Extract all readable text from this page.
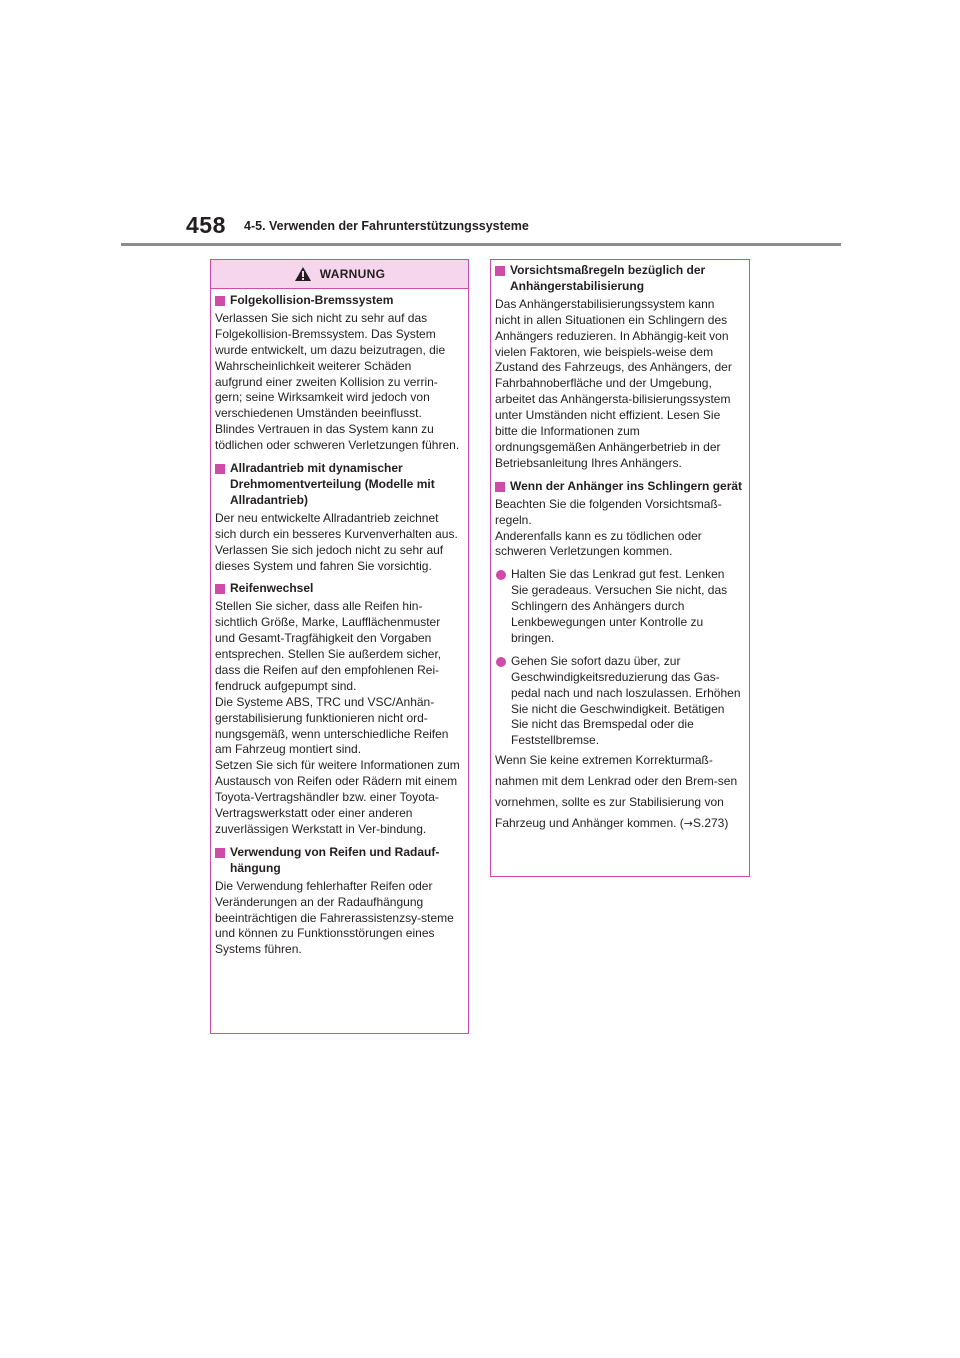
458 4-5. Verwenden der Fahrunterstützungssysteme
WARNUNG
Folgekollision-Bremssystem

Verlassen Sie sich nicht zu sehr auf das Folgekollision-Bremssystem. Das System wurde entwickelt, um dazu beizutragen, die Wahrscheinlichkeit weiterer Schäden aufgrund einer zweiten Kollision zu verrin-gern; seine Wirksamkeit wird jedoch von verschiedenen Umständen beeinflusst. Blindes Vertrauen in das System kann zu tödlichen oder schweren Verletzungen führen.

Allradantrieb mit dynamischer Drehmomentverteilung (Modelle mit Allradantrieb)

Der neu entwickelte Allradantrieb zeichnet sich durch ein besseres Kurvenverhalten aus. Verlassen Sie sich jedoch nicht zu sehr auf dieses System und fahren Sie vorsichtig.

Reifenwechsel

Stellen Sie sicher, dass alle Reifen hin-sichtlich Größe, Marke, Laufflächenmuster und Gesamt-Tragfähigkeit den Vorgaben entsprechen. Stellen Sie außerdem sicher, dass die Reifen auf den empfohlenen Rei-fendruck aufgepumpt sind.

Die Systeme ABS, TRC und VSC/Anhän-gerstabilisierung funktionieren nicht ord-nungsgemäß, wenn unterschiedliche Reifen am Fahrzeug montiert sind.

Setzen Sie sich für weitere Informationen zum Austausch von Reifen oder Rädern mit einem Toyota-Vertragshändler bzw. einer Toyota-Vertragswerkstatt oder einer anderen zuverlässigen Werkstatt in Ver-bindung.

Verwendung von Reifen und Radauf-hängung

Die Verwendung fehlerhafter Reifen oder Veränderungen an der Radaufhängung beeinträchtigen die Fahrerassistenzsy-steme und können zu Funktionsstörungen eines Systems führen.

Vorsichtsmaßregeln bezüglich der Anhängerstabilisierung

Das Anhängerstabilisierungssystem kann nicht in allen Situationen ein Schlingern des Anhängers reduzieren. In Abhängig-keit von vielen Faktoren, wie beispiels-weise dem Zustand des Fahrzeugs, des Anhängers, der Fahrbahnoberfläche und der Umgebung, arbeitet das Anhängersta-bilisierungssystem unter Umständen nicht effizient. Lesen Sie bitte die Informationen zum ordnungsgemäßen Anhängerbetrieb in der Betriebsanleitung Ihres Anhängers.

Wenn der Anhänger ins Schlingern gerät

Beachten Sie die folgenden Vorsichtsmaß-regeln.

Anderenfalls kann es zu tödlichen oder schweren Verletzungen kommen.

Halten Sie das Lenkrad gut fest. Lenken Sie geradeaus. Versuchen Sie nicht, das Schlingern des Anhängers durch Lenkbewegungen unter Kontrolle zu bringen.
Gehen Sie sofort dazu über, zur Geschwindigkeitsreduzierung das Gas-pedal nach und nach loszulassen. Erhöhen Sie nicht die Geschwindigkeit. Betätigen Sie nicht das Bremspedal oder die Feststellbremse.

Wenn Sie keine extremen Korrekturmaß-nahmen mit dem Lenkrad oder den Brem-sen vornehmen, sollte es zur Stabilisierung von Fahrzeug und Anhänger kommen. (→S.273)
